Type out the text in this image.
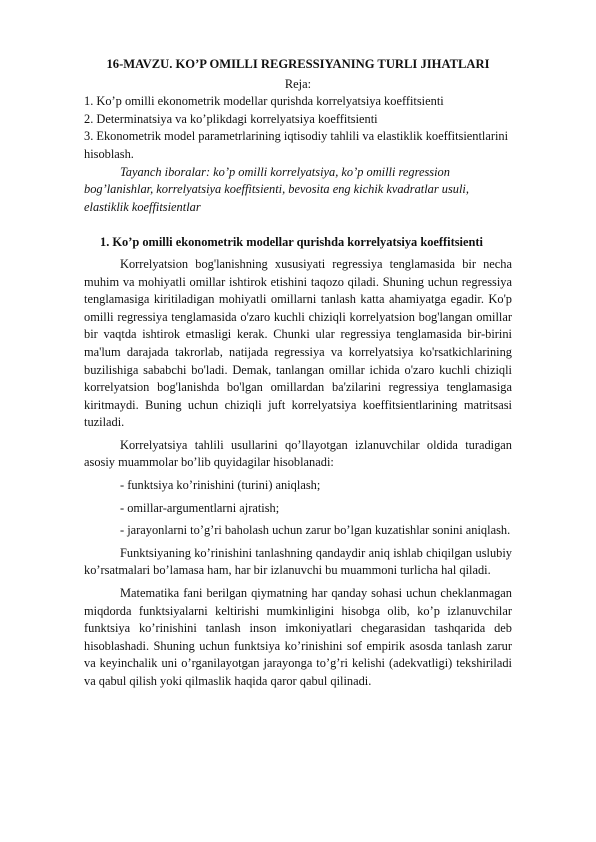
16-MAVZU. KO’P OMILLI REGRESSIYANING TURLI JIHATLARI

Reja:

1. Ko’p omilli ekonometrik modellar qurishda korrelyatsiya koeffitsienti

2. Determinatsiya va ko’plikdagi korrelyatsiya koeffitsienti

3. Ekonometrik model parametrlarining iqtisodiy tahlili va elastiklik koeffitsientlarini hisoblash.

Tayanch iboralar: ko’p omilli korrelyatsiya, ko’p omilli regression bog’lanishlar, korrelyatsiya koeffitsienti, bevosita eng kichik kvadratlar usuli, elastiklik koeffitsientlar

1. Ko’p omilli ekonometrik modellar qurishda korrelyatsiya koeffitsienti

Korrelyatsion bog'lanishning xususiyati regressiya tenglamasida bir necha muhim va mohiyatli omillar ishtirok etishini taqozo qiladi. Shuning uchun regressiya tenglamasiga kiritiladigan mohiyatli omillarni tanlash katta ahamiyatga egadir. Ko'p omilli regressiya tenglamasida o'zaro kuchli chiziqli korrelyatsion bog'langan omillar bir vaqtda ishtirok etmasligi kerak. Chunki ular regressiya tenglamasida bir-birini ma'lum darajada takrorlab, natijada regressiya va korrelyatsiya ko'rsatkichlarining buzilishiga sababchi bo'ladi. Demak, tanlangan omillar ichida o'zaro kuchli chiziqli korrelyatsion bog'lanishda bo'lgan omillardan ba'zilarini regressiya tenglamasiga kiritmaydi. Buning uchun chiziqli juft korrelyatsiya koeffitsientlarining matritsasi tuziladi.

Korrelyatsiya tahlili usullarini qo’llayotgan izlanuvchilar oldida turadigan asosiy muammolar bo’lib quyidagilar hisoblanadi:

- funktsiya ko’rinishini (turini) aniqlash;

- omillar-argumentlarni ajratish;

- jarayonlarni to’g’ri baholash uchun zarur bo’lgan kuzatishlar sonini aniqlash.

Funktsiyaning ko’rinishini tanlashning qandaydir aniq ishlab chiqilgan uslubiy ko’rsatmalari bo’lamasa ham, har bir izlanuvchi bu muammoni turlicha hal qiladi.

Matematika fani berilgan qiymatning har qanday sohasi uchun cheklanmagan miqdorda funktsiyalarni keltirishi mumkinligini hisobga olib, ko’p izlanuvchilar funktsiya ko’rinishini tanlash inson imkoniyatlari chegarasidan tashqarida deb hisoblashadi. Shuning uchun funktsiya ko’rinishini sof empirik asosda tanlash zarur va keyinchalik uni o’rganilayotgan jarayonga to’g’ri kelishi (adekvatligi) tekshiriladi va qabul qilish yoki qilmaslik haqida qaror qabul qilinadi.
